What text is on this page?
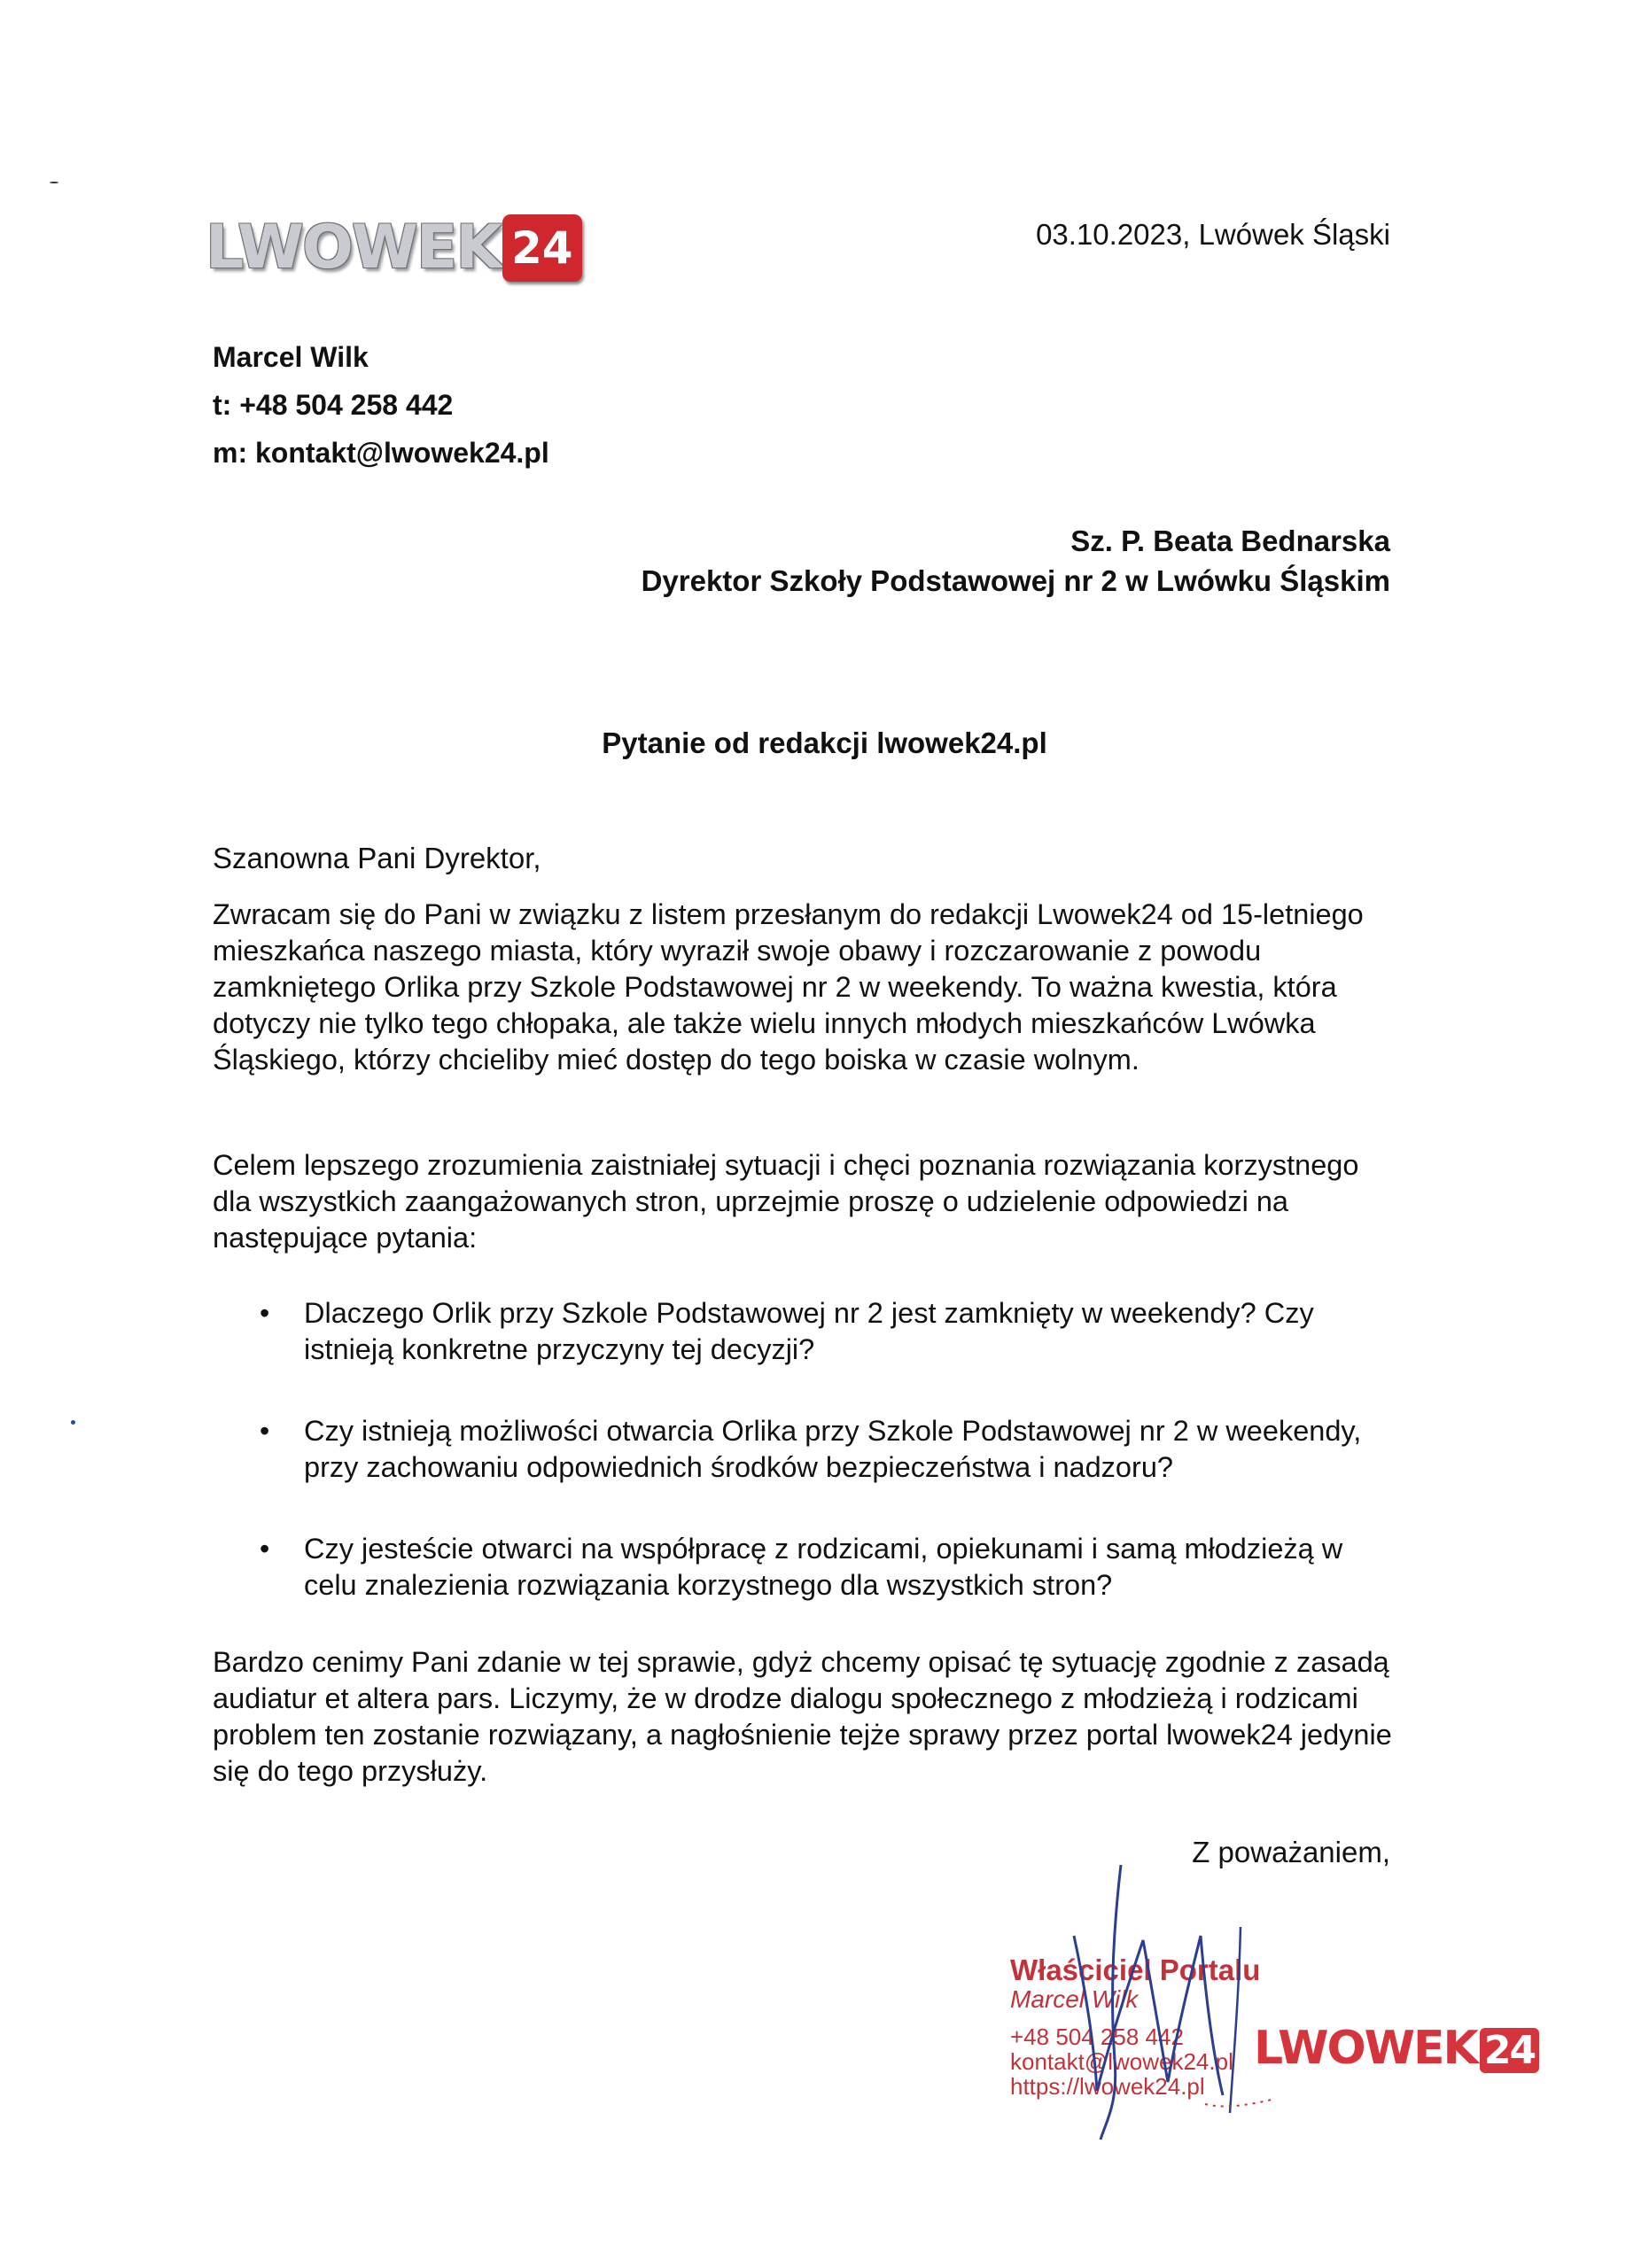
LWOWEK 24	03.10.2023, Lwówek Śląski
Marcel Wilk
t: +48 504 258 442
m: kontakt@lwowek24.pl
Sz. P. Beata Bednarska
Dyrektor Szkoły Podstawowej nr 2 w Lwówku Śląskim
Pytanie od redakcji lwowek24.pl
Szanowna Pani Dyrektor,

Zwracam się do Pani w związku z listem przesłanym do redakcji Lwowek24 od 15-letniego mieszkańca naszego miasta, który wyraził swoje obawy i rozczarowanie z powodu zamkniętego Orlika przy Szkole Podstawowej nr 2 w weekendy. To ważna kwestia, która dotyczy nie tylko tego chłopaka, ale także wielu innych młodych mieszkańców Lwówka Śląskiego, którzy chcieliby mieć dostęp do tego boiska w czasie wolnym.

Celem lepszego zrozumienia zaistniałej sytuacji i chęci poznania rozwiązania korzystnego dla wszystkich zaangażowanych stron, uprzejmie proszę o udzielenie odpowiedzi na następujące pytania:

• Dlaczego Orlik przy Szkole Podstawowej nr 2 jest zamknięty w weekendy? Czy istnieją konkretne przyczyny tej decyzji?
• Czy istnieją możliwości otwarcia Orlika przy Szkole Podstawowej nr 2 w weekendy, przy zachowaniu odpowiednich środków bezpieczeństwa i nadzoru?
• Czy jesteście otwarci na współpracę z rodzicami, opiekunami i samą młodzieżą w celu znalezienia rozwiązania korzystnego dla wszystkich stron?

Bardzo cenimy Pani zdanie w tej sprawie, gdyż chcemy opisać tę sytuację zgodnie z zasadą audiatur et altera pars. Liczymy, że w drodze dialogu społecznego z młodzieżą i rodzicami problem ten zostanie rozwiązany, a nagłośnienie tejże sprawy przez portal lwowek24 jedynie się do tego przysłuży.

Z poważaniem,
Właściciel Portalu
Marcel Wilk
+48 504 258 442
kontakt@lwowek24.pl
https://lwowek24.pl
LWOWEK 24
